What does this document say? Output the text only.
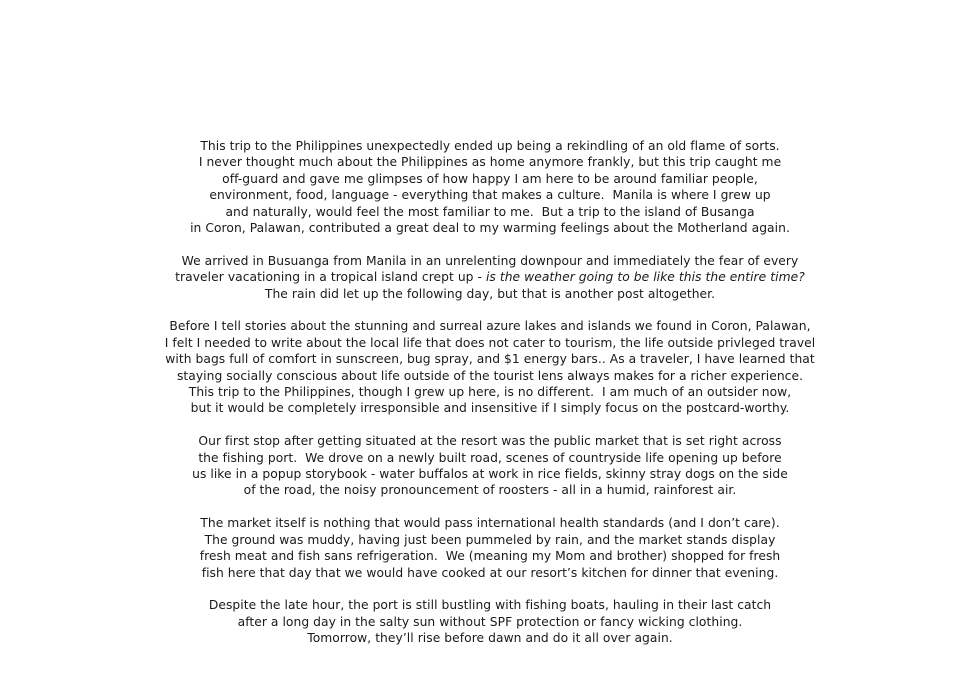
This trip to the Philippines unexpectedly ended up being a rekindling of an old flame of sorts.
I never thought much about the Philippines as home anymore frankly, but this trip caught me
off-guard and gave me glimpses of how happy I am here to be around familiar people,
environment, food, language - everything that makes a culture.  Manila is where I grew up
and naturally, would feel the most familiar to me.  But a trip to the island of Busanga
in Coron, Palawan, contributed a great deal to my warming feelings about the Motherland again.

We arrived in Busuanga from Manila in an unrelenting downpour and immediately the fear of every
traveler vacationing in a tropical island crept up - is the weather going to be like this the entire time?
The rain did let up the following day, but that is another post altogether.

Before I tell stories about the stunning and surreal azure lakes and islands we found in Coron, Palawan,
I felt I needed to write about the local life that does not cater to tourism, the life outside privleged travel
with bags full of comfort in sunscreen, bug spray, and $1 energy bars.. As a traveler, I have learned that
staying socially conscious about life outside of the tourist lens always makes for a richer experience.
This trip to the Philippines, though I grew up here, is no different.  I am much of an outsider now,
but it would be completely irresponsible and insensitive if I simply focus on the postcard-worthy.

Our first stop after getting situated at the resort was the public market that is set right across
the fishing port.  We drove on a newly built road, scenes of countryside life opening up before
us like in a popup storybook - water buffalos at work in rice fields, skinny stray dogs on the side
of the road, the noisy pronouncement of roosters - all in a humid, rainforest air.

The market itself is nothing that would pass international health standards (and I don’t care).
The ground was muddy, having just been pummeled by rain, and the market stands display
fresh meat and fish sans refrigeration.  We (meaning my Mom and brother) shopped for fresh
fish here that day that we would have cooked at our resort’s kitchen for dinner that evening.

Despite the late hour, the port is still bustling with fishing boats, hauling in their last catch
after a long day in the salty sun without SPF protection or fancy wicking clothing.
Tomorrow, they’ll rise before dawn and do it all over again.
